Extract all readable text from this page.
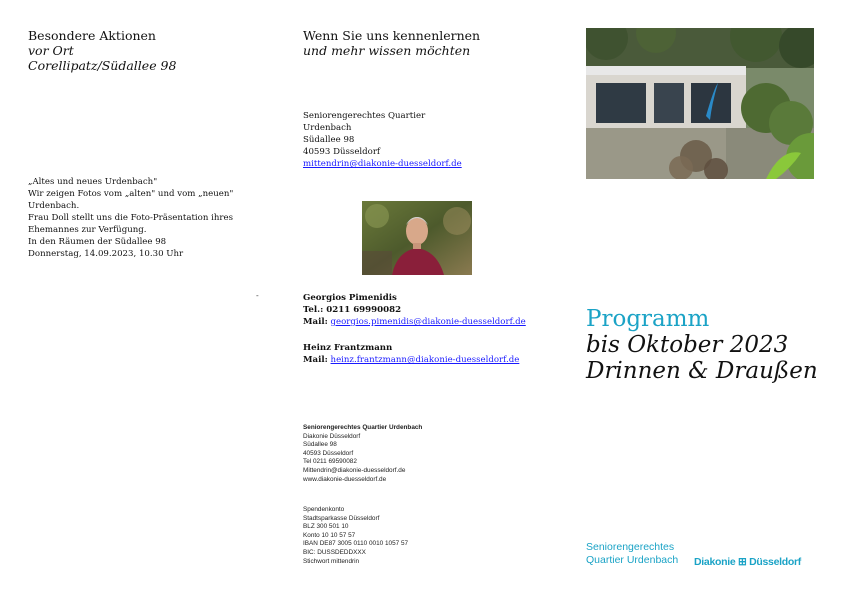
Besondere Aktionen
vor Ort
Corellipatz/Südallee 98
„Altes und neues Urdenbach"
Wir zeigen Fotos vom „alten" und vom „neuen"
Urdenbach.
Frau Doll stellt uns die Foto-Präsentation ihres
Ehemannes zur Verfügung.
In den Räumen der Südallee 98
Donnerstag, 14.09.2023, 10.30 Uhr
-
Wenn Sie uns kennenlernen
und mehr wissen möchten
Seniorengerechtes Quartier
Urdenbach
Südallee 98
40593 Düsseldorf
mittendrin@diakonie-duesseldorf.de
Georgios Pimenidis
Tel.: 0211 69990082
Mail: georgios.pimenidis@diakonie-duesseldorf.de
Heinz Frantzmann
Mail: heinz.frantzmann@diakonie-duesseldorf.de
Seniorengerechtes Quartier Urdenbach
Diakonie Düsseldorf
Südallee 98
40593 Düsseldorf
Tel 0211 69590082
Mittendrin@diakonie-duesseldorf.de
www.diakonie-duesseldorf.de
Spendenkonto
Stadtsparkasse Düsseldorf
BLZ 300 501 10
Konto 10 10 57 57
IBAN DE87 3005 0110 0010 1057 57
BIC: DUSSDEDDXXX
Stichwort mittendrin
Programm
bis Oktober 2023
Drinnen & Draußen
Seniorengerechtes
Quartier Urdenbach Diakonie ⊞ Düsseldorf
